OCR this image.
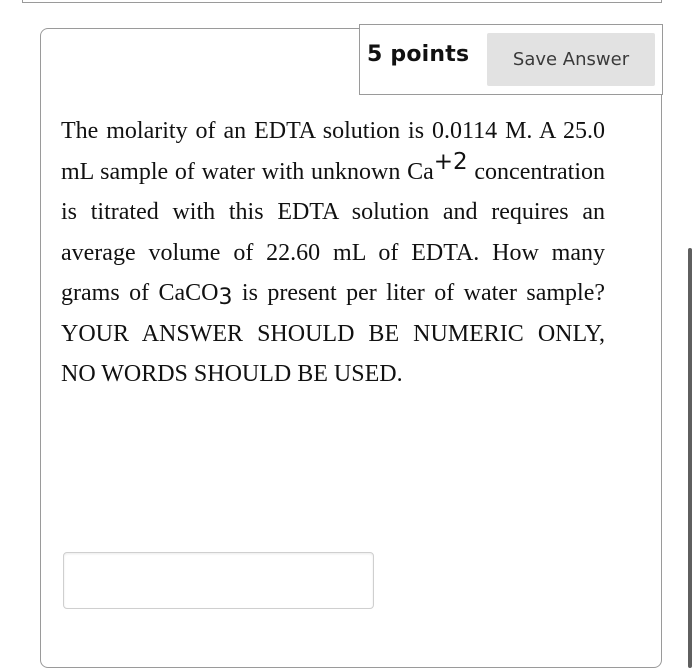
5 points	Save Answer

The molarity of an EDTA solution is 0.0114 M. A 25.0 mL sample of water with unknown Ca+2 concentration is titrated with this EDTA solution and requires an average volume of 22.60 mL of EDTA. How many grams of CaCO3 is present per liter of water sample? YOUR ANSWER SHOULD BE NUMERIC ONLY, NO WORDS SHOULD BE USED.
